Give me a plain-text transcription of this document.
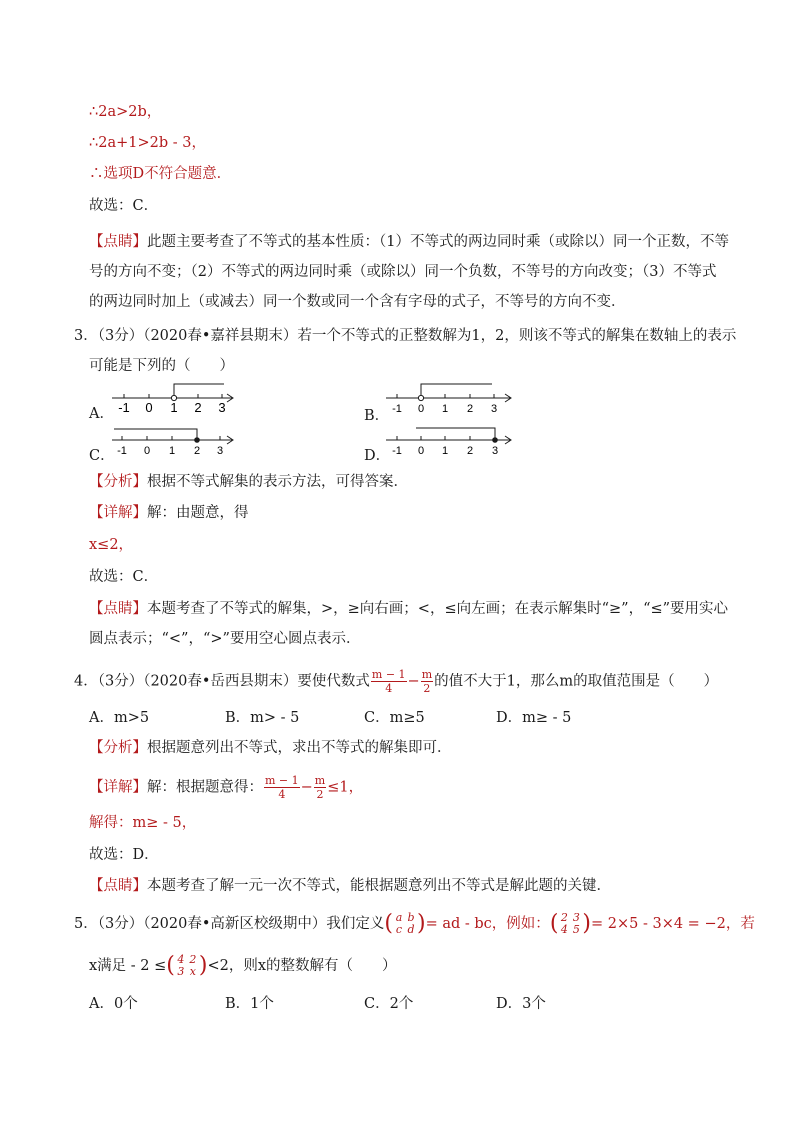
∴2a>2b，
∴2a+1>2b - 3，
∴选项D不符合题意．
故选：C．
【点睛】此题主要考查了不等式的基本性质：（1）不等式的两边同时乘（或除以）同一个正数，不等号的方向不变；（2）不等式的两边同时乘（或除以）同一个负数，不等号的方向改变；（3）不等式的两边同时加上（或减去）同一个数或同一个含有字母的式子，不等号的方向不变．
3．（3分）（2020春•嘉祥县期末）若一个不等式的正整数解为1，2，则该不等式的解集在数轴上的表示
可能是下列的（　　）
A． -1 0 1 2 3
B． -1 0 1 2 3
C． -1 0 1 2 3	D． -1 0 1 2 3
【分析】根据不等式解集的表示方法，可得答案．
【详解】解：由题意，得
x≤2，
故选：C．
【点睛】本题考查了不等式的解集，>，≥向右画；<，≤向左画；在表示解集时“≥”，“≤”要用实心圆点表示；“<”，“>”要用空心圆点表示．
4．（3分）（2020春•岳西县期末）要使代数式 $\frac{m - 1}{4} - \frac{m}{2}$ 的值不大于1，那么m的取值范围是（　　）
A．m>5	B．m> - 5	C．m≥5	D．m≥ - 5
【分析】根据题意列出不等式，求出不等式的解集即可．
【详解】解：根据题意得： $\frac{m - 1}{4} - \frac{m}{2} \le 1$，
解得：m≥ - 5，
故选：D．
【点睛】本题考查了解一元一次不等式，能根据题意列出不等式是解此题的关键．
5．（3分）（2020春•高新区校级期中）我们定义( a b
c d )= ad - bc，例如：( 2 3
4 5 )= 2×5 - 3×4 = −2，若
x满足 - 2 ≤( 4 2
3 x )<2，则x的整数解有（　　）
A．0个	B．1个	C．2个	D．3个
